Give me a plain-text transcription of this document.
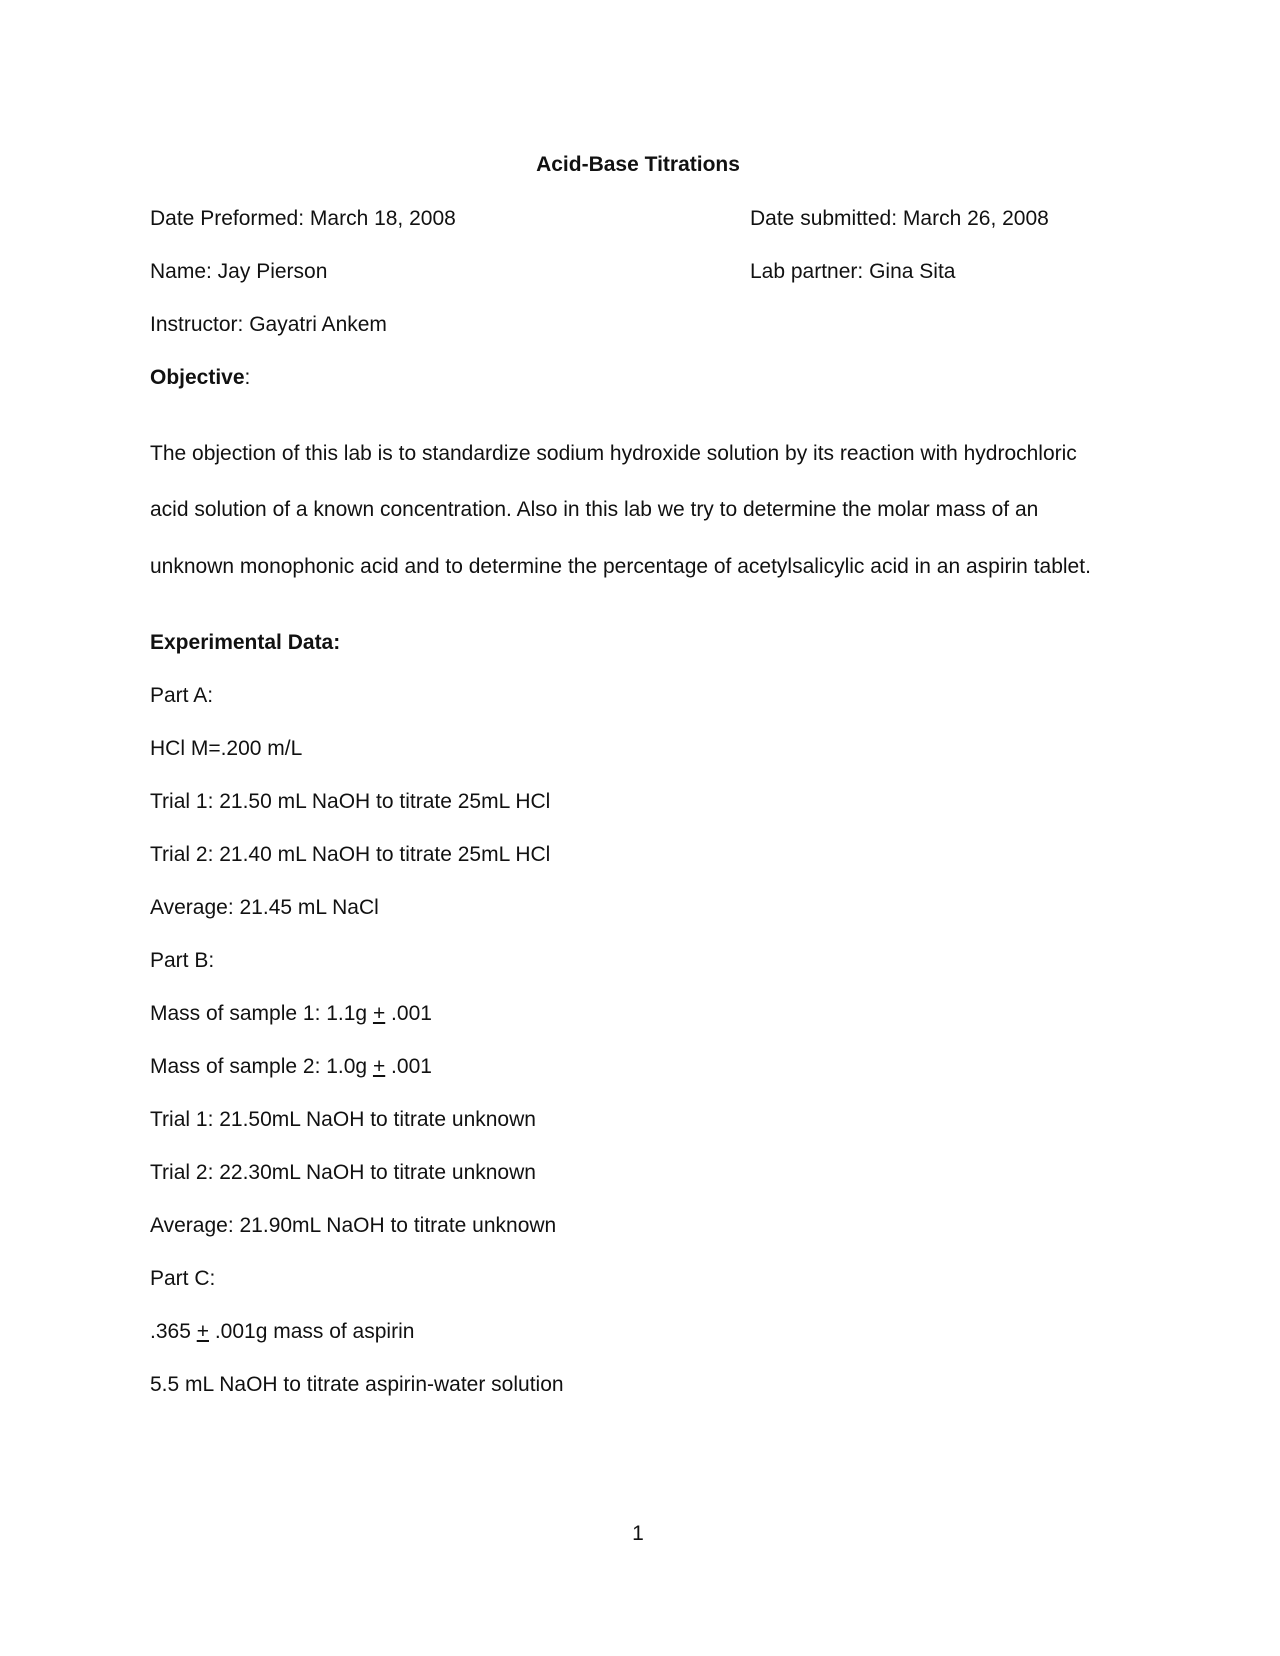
Acid-Base Titrations
Date Preformed: March 18, 2008	Date submitted: March 26, 2008
Name: Jay Pierson	Lab partner: Gina Sita
Instructor: Gayatri Ankem
Objective:
The objection of this lab is to standardize sodium hydroxide solution by its reaction with hydrochloric
acid solution of a known concentration. Also in this lab we try to determine the molar mass of an
unknown monophonic acid and to determine the percentage of acetylsalicylic acid in an aspirin tablet.
Experimental Data:
Part A:
HCl M=.200 m/L
Trial 1: 21.50 mL NaOH to titrate 25mL HCl
Trial 2: 21.40 mL NaOH to titrate 25mL HCl
Average: 21.45 mL NaCl
Part B:
Mass of sample 1: 1.1g + .001
Mass of sample 2: 1.0g + .001
Trial 1: 21.50mL NaOH to titrate unknown
Trial 2: 22.30mL NaOH to titrate unknown
Average: 21.90mL NaOH to titrate unknown
Part C:
.365 + .001g mass of aspirin
5.5 mL NaOH to titrate aspirin-water solution
1
